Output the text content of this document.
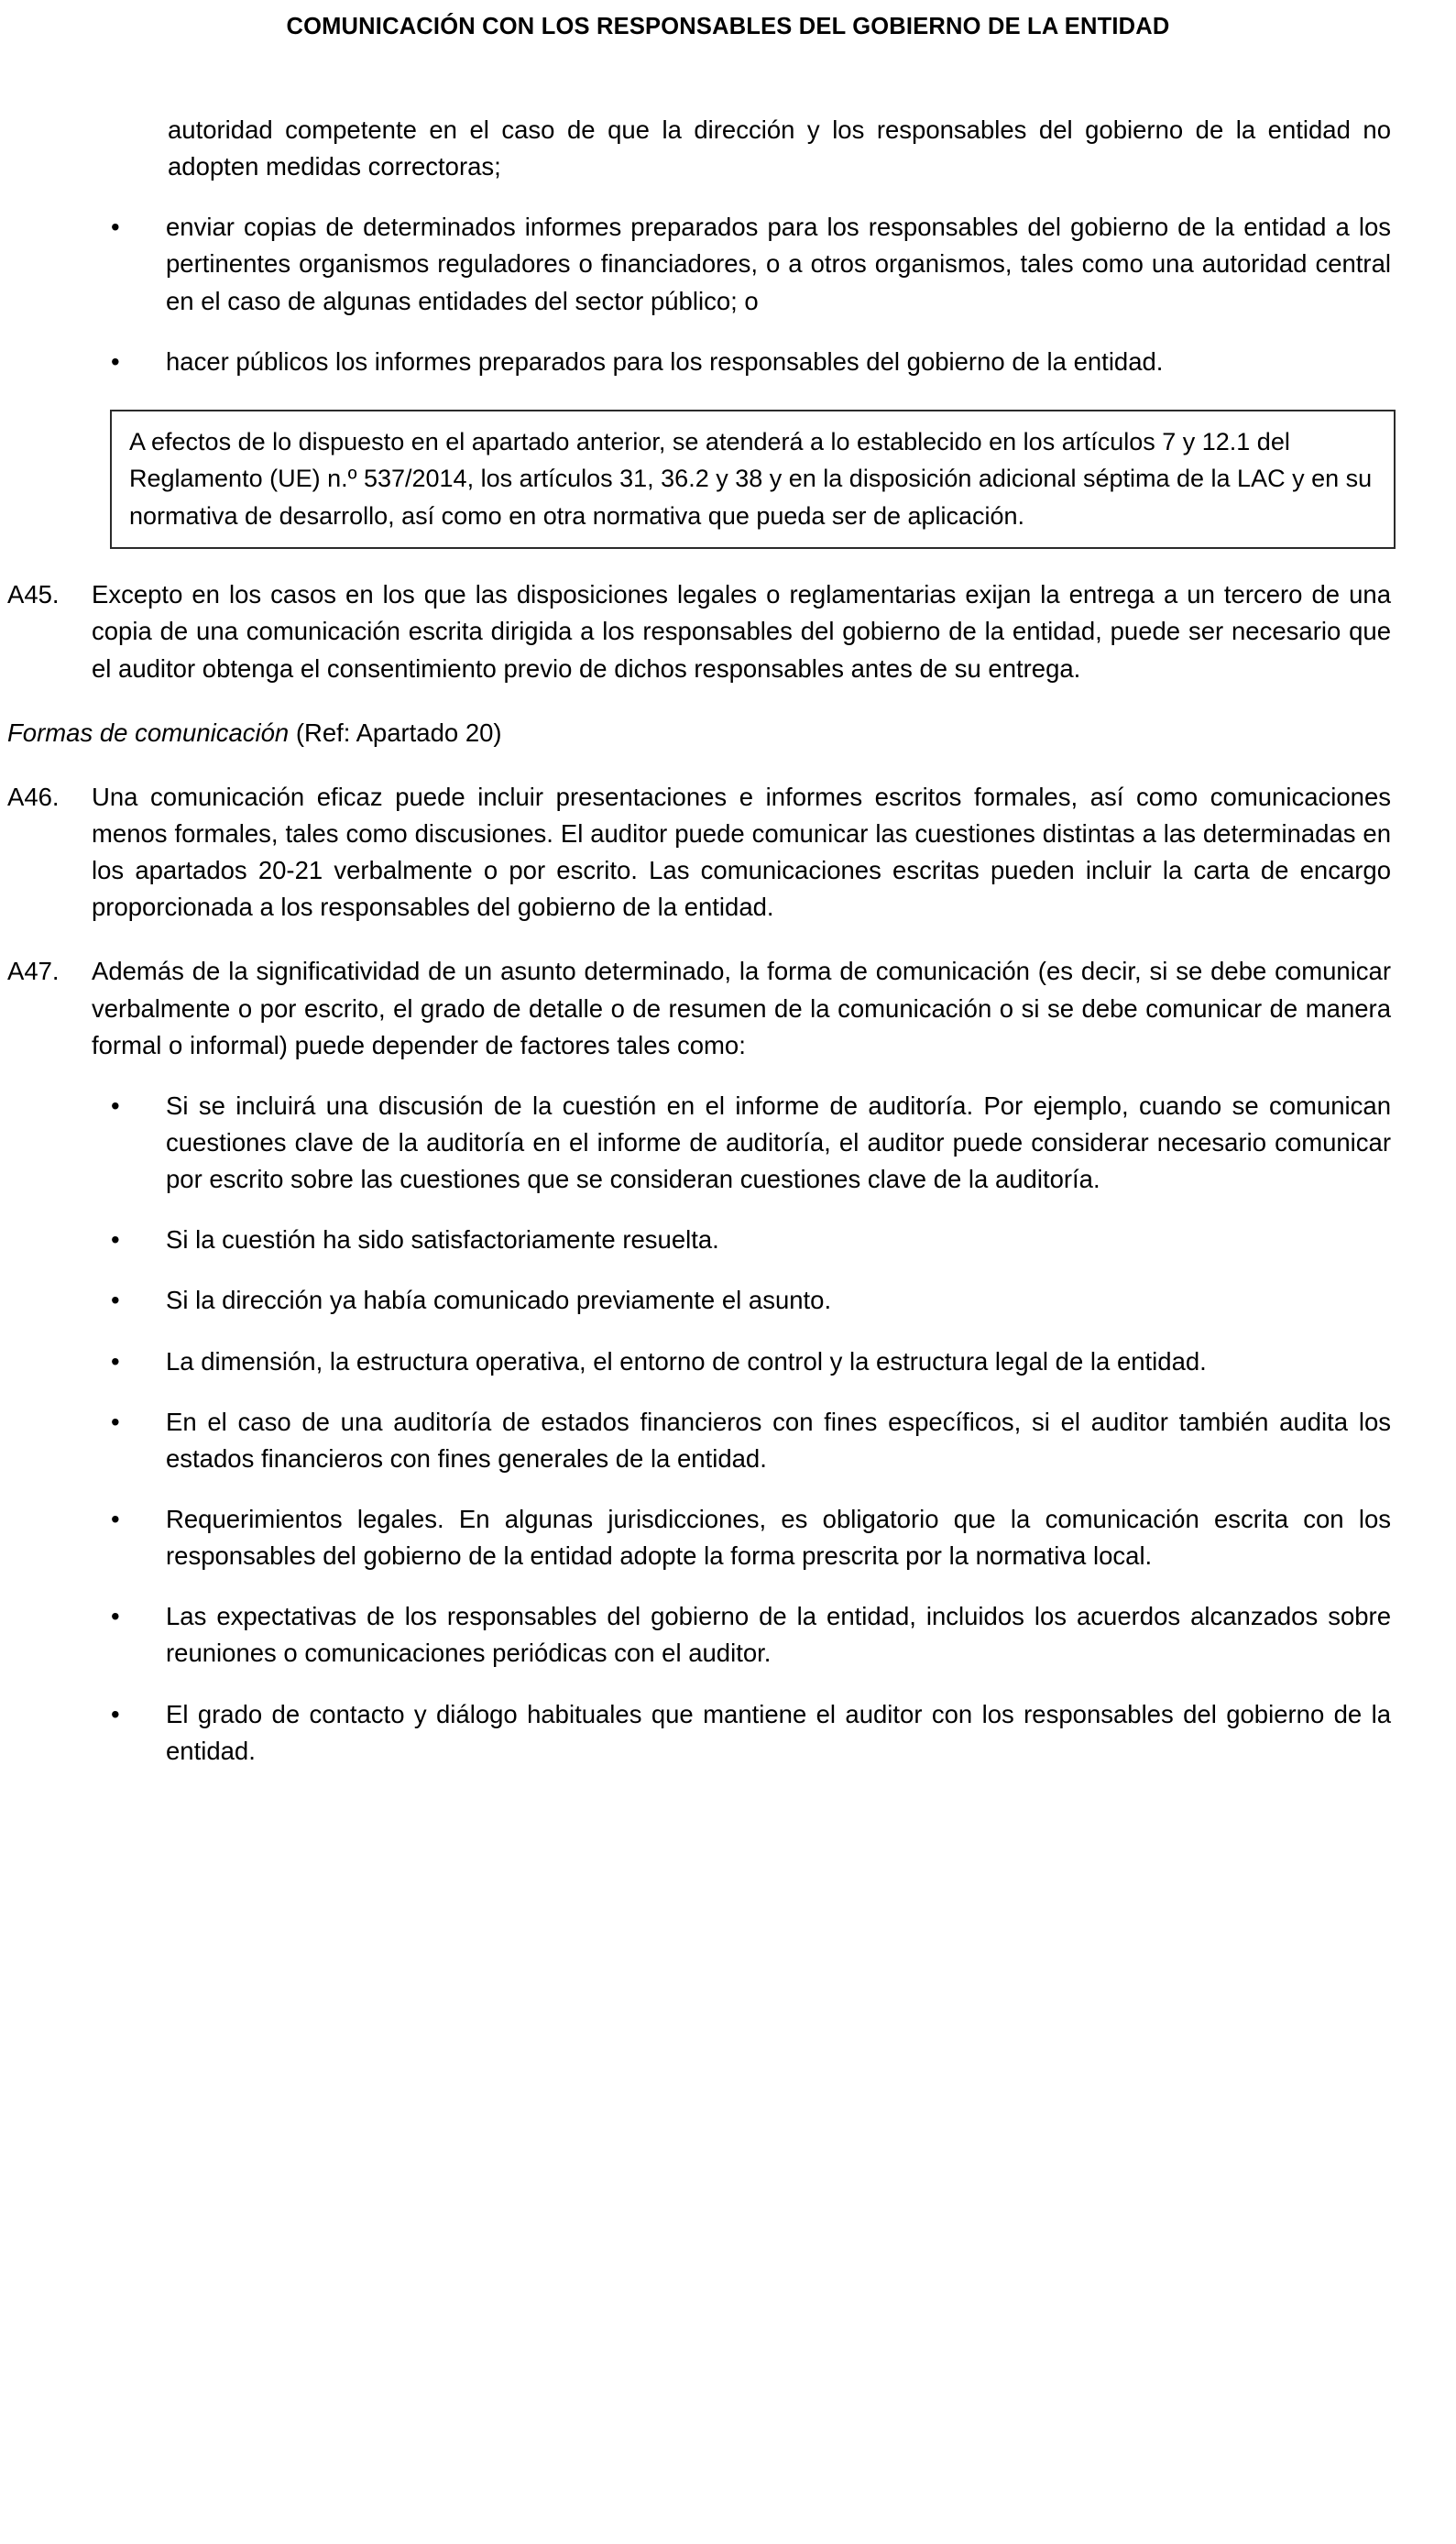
COMUNICACIÓN CON LOS RESPONSABLES DEL GOBIERNO DE LA ENTIDAD

autoridad competente en el caso de que la dirección y los responsables del gobierno de la entidad no adopten medidas correctoras;

•	enviar copias de determinados informes preparados para los responsables del gobierno de la entidad a los pertinentes organismos reguladores o financiadores, o a otros organismos, tales como una autoridad central en el caso de algunas entidades del sector público; o
•	hacer públicos los informes preparados para los responsables del gobierno de la entidad.

A efectos de lo dispuesto en el apartado anterior, se atenderá a lo establecido en los artículos 7 y 12.1 del Reglamento (UE) n.º 537/2014, los artículos 31, 36.2 y 38 y en la disposición adicional séptima de la LAC y en su normativa de desarrollo, así como en otra normativa que pueda ser de aplicación.

A45.	Excepto en los casos en los que las disposiciones legales o reglamentarias exijan la entrega a un tercero de una copia de una comunicación escrita dirigida a los responsables del gobierno de la entidad, puede ser necesario que el auditor obtenga el consentimiento previo de dichos responsables antes de su entrega.
Formas de comunicación (Ref: Apartado 20)
A46.	Una comunicación eficaz puede incluir presentaciones e informes escritos formales, así como comunicaciones menos formales, tales como discusiones. El auditor puede comunicar las cuestiones distintas a las determinadas en los apartados 20-21 verbalmente o por escrito. Las comunicaciones escritas pueden incluir la carta de encargo proporcionada a los responsables del gobierno de la entidad.
A47.	Además de la significatividad de un asunto determinado, la forma de comunicación (es decir, si se debe comunicar verbalmente o por escrito, el grado de detalle o de resumen de la comunicación o si se debe comunicar de manera formal o informal) puede depender de factores tales como:
•	Si se incluirá una discusión de la cuestión en el informe de auditoría. Por ejemplo, cuando se comunican cuestiones clave de la auditoría en el informe de auditoría, el auditor puede considerar necesario comunicar por escrito sobre las cuestiones que se consideran cuestiones clave de la auditoría.
•	Si la cuestión ha sido satisfactoriamente resuelta.
•	Si la dirección ya había comunicado previamente el asunto.
•	La dimensión, la estructura operativa, el entorno de control y la estructura legal de la entidad.
•	En el caso de una auditoría de estados financieros con fines específicos, si el auditor también audita los estados financieros con fines generales de la entidad.
•	Requerimientos legales. En algunas jurisdicciones, es obligatorio que la comunicación escrita con los responsables del gobierno de la entidad adopte la forma prescrita por la normativa local.
•	Las expectativas de los responsables del gobierno de la entidad, incluidos los acuerdos alcanzados sobre reuniones o comunicaciones periódicas con el auditor.
•	El grado de contacto y diálogo habituales que mantiene el auditor con los responsables del gobierno de la entidad.
